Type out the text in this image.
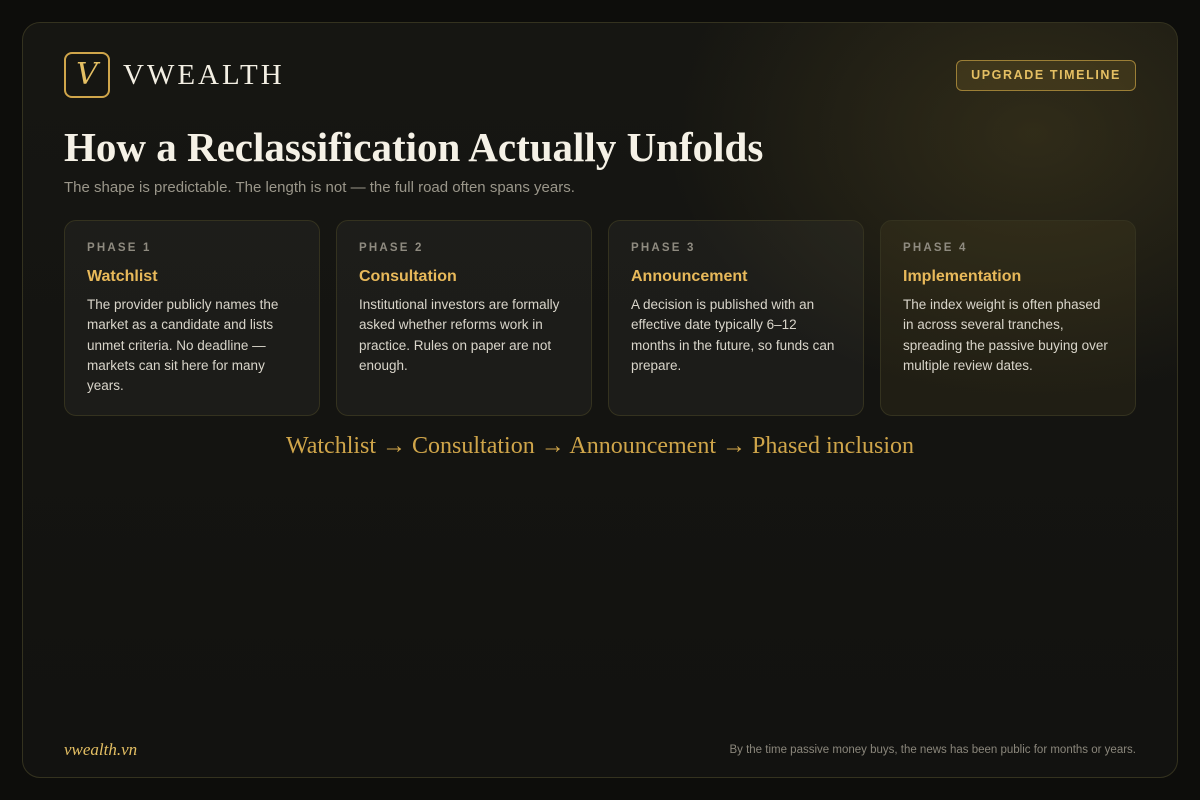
V VWEALTH	UPGRADE TIMELINE
How a Reclassification Actually Unfolds

The shape is predictable. The length is not — the full road often spans years.

PHASE 1
Watchlist
The provider publicly names the market as a candidate and lists unmet criteria. No deadline — markets can sit here for many years.
PHASE 2
Consultation
Institutional investors are formally asked whether reforms work in practice. Rules on paper are not enough.
PHASE 3
Announcement
A decision is published with an effective date typically 6–12 months in the future, so funds can prepare.
PHASE 4
Implementation
The index weight is often phased in across several tranches, spreading the passive buying over multiple review dates.
Watchlist → Consultation → Announcement → Phased inclusion
vwealth.vn	By the time passive money buys, the news has been public for months or years.
